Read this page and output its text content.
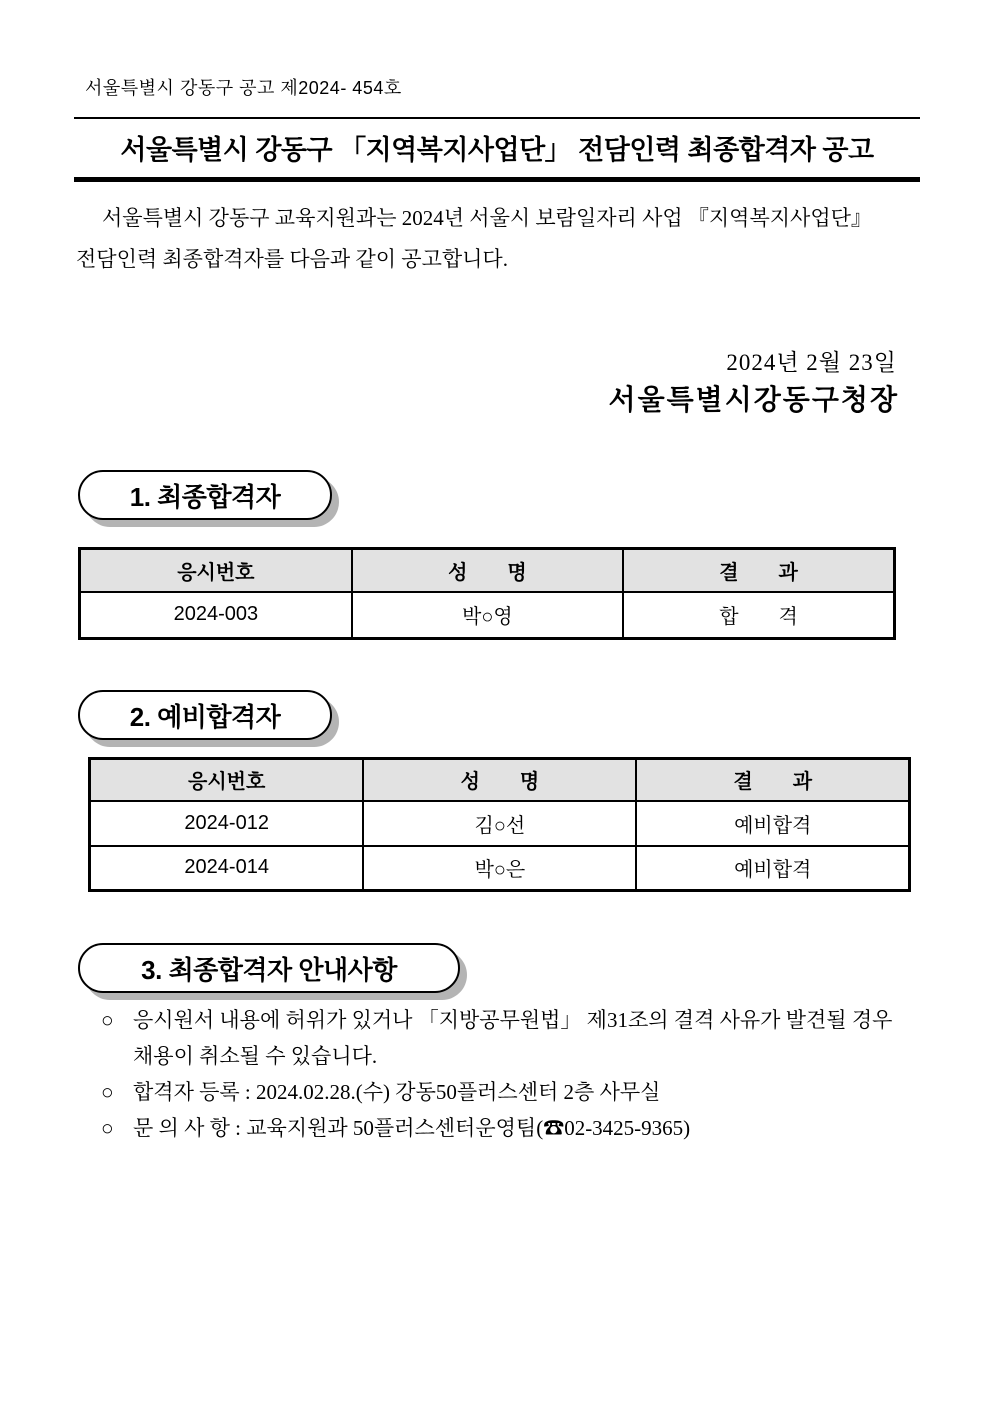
서울특별시 강동구 공고 제2024- 454호
서울특별시 강동구 「지역복지사업단」 전담인력 최종합격자 공고
서울특별시 강동구 교육지원과는 2024년 서울시 보람일자리 사업 『지역복지사업단』
전담인력 최종합격자를 다음과 같이 공고합니다.
2024년 2월 23일
서울특별시강동구청장
1. 최종합격자
응시번호	성　　명	결　　과
2024-003	박○영	합　　격
2. 예비합격자
응시번호	성　　명	결　　과
2024-012	김○선	예비합격
2024-014	박○은	예비합격
3. 최종합격자 안내사항
○ 응시원서 내용에 허위가 있거나 「지방공무원법」 제31조의 결격 사유가 발견될 경우
채용이 취소될 수 있습니다.
○ 합격자 등록 : 2024.02.28.(수) 강동50플러스센터 2층 사무실
○ 문 의 사 항 : 교육지원과 50플러스센터운영팀(☎02-3425-9365)
